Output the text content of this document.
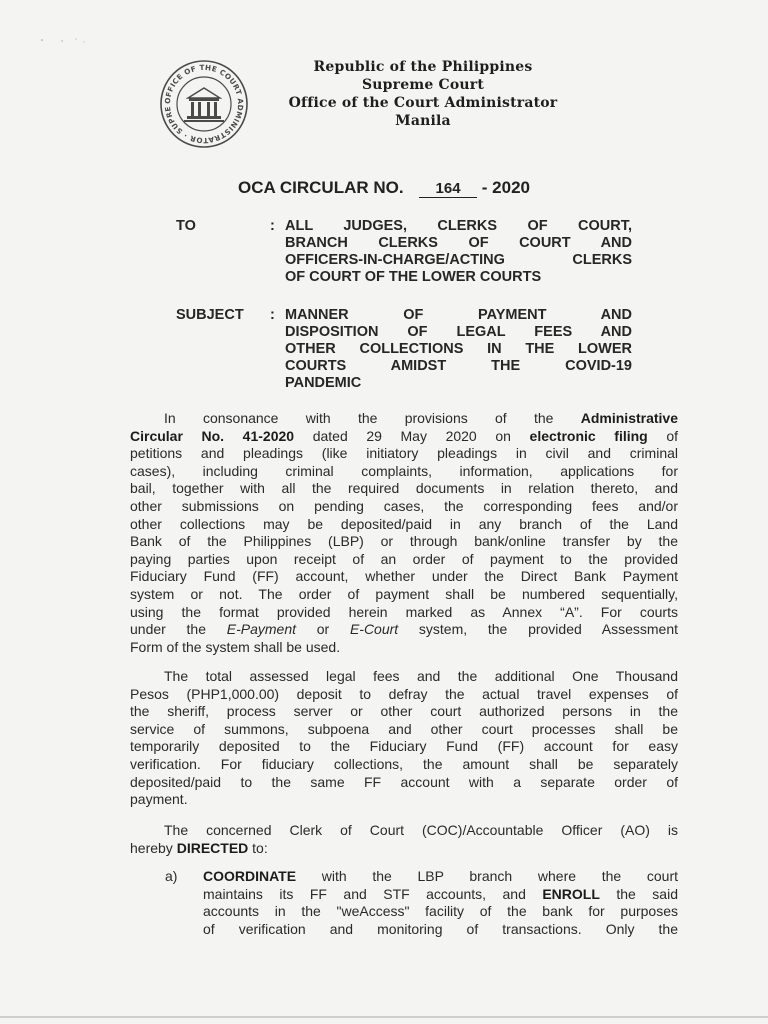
OFFICE OF THE COURT ADMINISTRATOR · SUPRE
Republic of the Philippines
Supreme Court
Office of the Court Administrator
Manila
OCA CIRCULAR NO. 164 - 2020
TO	: ALL JUDGES, CLERKS OF COURT,
BRANCH CLERKS OF COURT AND
OFFICERS-IN-CHARGE/ACTING CLERKS
OF COURT OF THE LOWER COURTS
SUBJECT : MANNER OF PAYMENT AND
DISPOSITION OF LEGAL FEES AND
OTHER COLLECTIONS IN THE LOWER
COURTS AMIDST THE COVID-19
PANDEMIC
In consonance with the provisions of the Administrative
Circular No. 41-2020 dated 29 May 2020 on electronic filing of
petitions and pleadings (like initiatory pleadings in civil and criminal
cases), including criminal complaints, information, applications for
bail, together with all the required documents in relation thereto, and
other submissions on pending cases, the corresponding fees and/or
other collections may be deposited/paid in any branch of the Land
Bank of the Philippines (LBP) or through bank/online transfer by the
paying parties upon receipt of an order of payment to the provided
Fiduciary Fund (FF) account, whether under the Direct Bank Payment
system or not. The order of payment shall be numbered sequentially,
using the format provided herein marked as Annex “A”. For courts
under the E-Payment or E-Court system, the provided Assessment
Form of the system shall be used.
The total assessed legal fees and the additional One Thousand
Pesos (PHP1,000.00) deposit to defray the actual travel expenses of
the sheriff, process server or other court authorized persons in the
service of summons, subpoena and other court processes shall be
temporarily deposited to the Fiduciary Fund (FF) account for easy
verification. For fiduciary collections, the amount shall be separately
deposited/paid to the same FF account with a separate order of
payment.
The concerned Clerk of Court (COC)/Accountable Officer (AO) is
hereby DIRECTED to:
a) COORDINATE with the LBP branch where the court
maintains its FF and STF accounts, and ENROLL the said
accounts in the "weAccess" facility of the bank for purposes
of verification and monitoring of transactions. Only the
